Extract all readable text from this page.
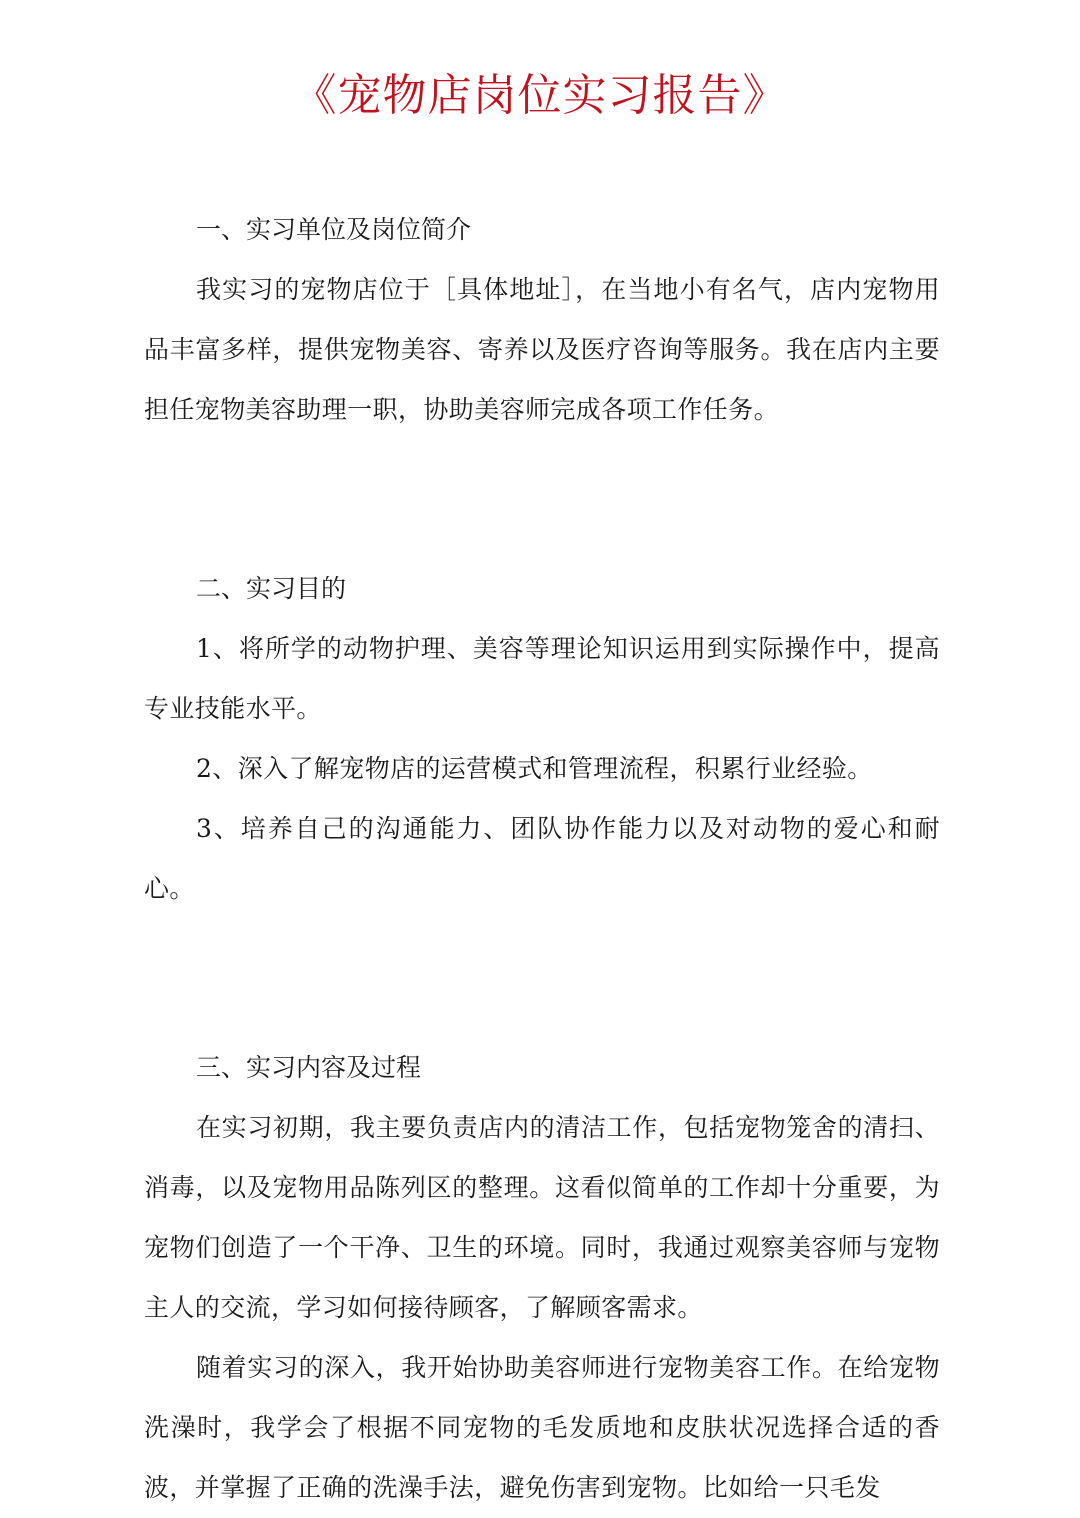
《宠物店岗位实习报告》

一、实习单位及岗位简介

我实习的宠物店位于［具体地址］，在当地小有名气，店内宠物用品丰富多样，提供宠物美容、寄养以及医疗咨询等服务。我在店内主要担任宠物美容助理一职，协助美容师完成各项工作任务。

二、实习目的

1、将所学的动物护理、美容等理论知识运用到实际操作中，提高专业技能水平。

2、深入了解宠物店的运营模式和管理流程，积累行业经验。

3、培养自己的沟通能力、团队协作能力以及对动物的爱心和耐心。

三、实习内容及过程

在实习初期，我主要负责店内的清洁工作，包括宠物笼舍的清扫、消毒，以及宠物用品陈列区的整理。这看似简单的工作却十分重要，为宠物们创造了一个干净、卫生的环境。同时，我通过观察美容师与宠物主人的交流，学习如何接待顾客，了解顾客需求。

随着实习的深入，我开始协助美容师进行宠物美容工作。在给宠物洗澡时，我学会了根据不同宠物的毛发质地和皮肤状况选择合适的香波，并掌握了正确的洗澡手法，避免伤害到宠物。比如给一只毛发
